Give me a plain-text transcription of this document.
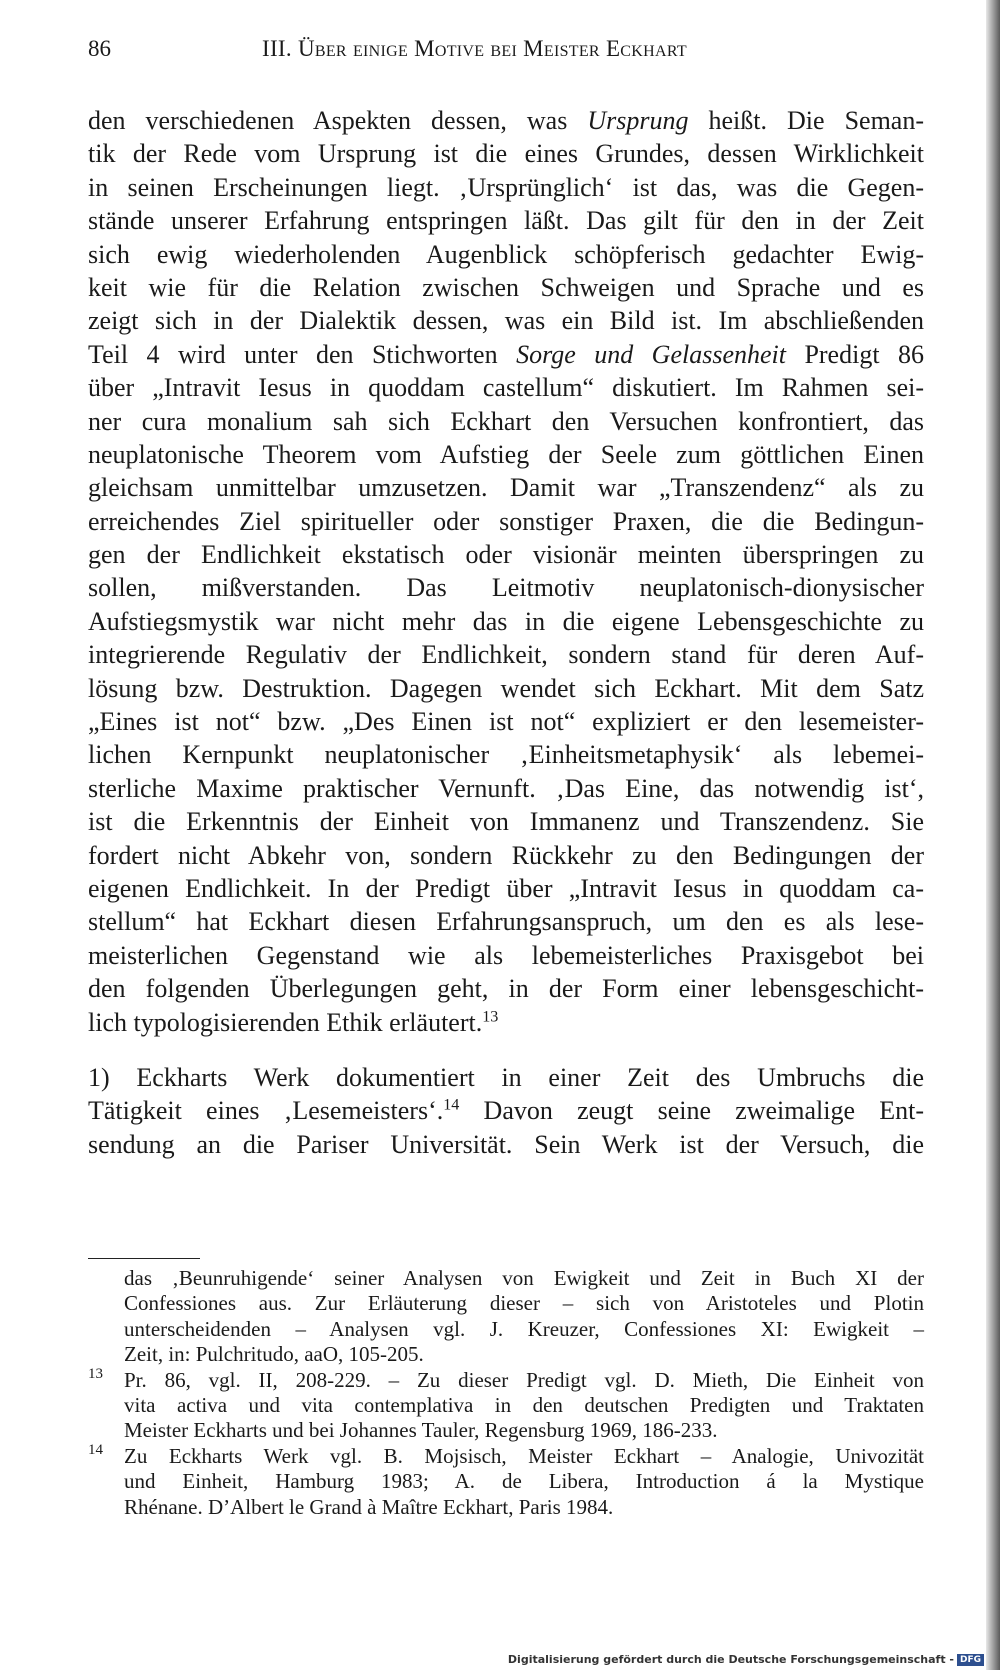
86	III. Über einige Motive bei Meister Eckhart
den verschiedenen Aspekten dessen, was Ursprung heißt. Die Seman-
tik der Rede vom Ursprung ist die eines Grundes, dessen Wirklichkeit
in seinen Erscheinungen liegt. ‚Ursprünglich‘ ist das, was die Gegen-
stände unserer Erfahrung entspringen läßt. Das gilt für den in der Zeit
sich ewig wiederholenden Augenblick schöpferisch gedachter Ewig-
keit wie für die Relation zwischen Schweigen und Sprache und es
zeigt sich in der Dialektik dessen, was ein Bild ist. Im abschließenden
Teil 4 wird unter den Stichworten Sorge und Gelassenheit Predigt 86
über „Intravit Iesus in quoddam castellum“ diskutiert. Im Rahmen sei-
ner cura monalium sah sich Eckhart den Versuchen konfrontiert, das
neuplatonische Theorem vom Aufstieg der Seele zum göttlichen Einen
gleichsam unmittelbar umzusetzen. Damit war „Transzendenz“ als zu
erreichendes Ziel spiritueller oder sonstiger Praxen, die die Bedingun-
gen der Endlichkeit ekstatisch oder visionär meinten überspringen zu
sollen, mißverstanden. Das Leitmotiv neuplatonisch-dionysischer
Aufstiegsmystik war nicht mehr das in die eigene Lebensgeschichte zu
integrierende Regulativ der Endlichkeit, sondern stand für deren Auf-
lösung bzw. Destruktion. Dagegen wendet sich Eckhart. Mit dem Satz
„Eines ist not“ bzw. „Des Einen ist not“ expliziert er den lesemeister-
lichen Kernpunkt neuplatonischer ‚Einheitsmetaphysik‘ als lebemei-
sterliche Maxime praktischer Vernunft. ‚Das Eine, das notwendig ist‘,
ist die Erkenntnis der Einheit von Immanenz und Transzendenz. Sie
fordert nicht Abkehr von, sondern Rückkehr zu den Bedingungen der
eigenen Endlichkeit. In der Predigt über „Intravit Iesus in quoddam ca-
stellum“ hat Eckhart diesen Erfahrungsanspruch, um den es als lese-
meisterlichen Gegenstand wie als lebemeisterliches Praxisgebot bei
den folgenden Überlegungen geht, in der Form einer lebensgeschicht-
lich typologisierenden Ethik erläutert.$^{13}$
1) Eckharts Werk dokumentiert in einer Zeit des Umbruchs die
Tätigkeit eines ‚Lesemeisters‘.$^{14}$ Davon zeugt seine zweimalige Ent-
sendung an die Pariser Universität. Sein Werk ist der Versuch, die
das ‚Beunruhigende‘ seiner Analysen von Ewigkeit und Zeit in Buch XI der
Confessiones aus. Zur Erläuterung dieser – sich von Aristoteles und Plotin
unterscheidenden – Analysen vgl. J. Kreuzer, Confessiones XI: Ewigkeit –
Zeit, in: Pulchritudo, aaO, 105-205.
13 Pr. 86, vgl. II, 208-229. – Zu dieser Predigt vgl. D. Mieth, Die Einheit von
vita activa und vita contemplativa in den deutschen Predigten und Traktaten
Meister Eckharts und bei Johannes Tauler, Regensburg 1969, 186-233.
14 Zu Eckharts Werk vgl. B. Mojsisch, Meister Eckhart – Analogie, Univozität
und Einheit, Hamburg 1983; A. de Libera, Introduction á la Mystique
Rhénane. D’Albert le Grand à Maître Eckhart, Paris 1984.
Digitalisierung gefördert durch die Deutsche Forschungsgemeinschaft - DFG
